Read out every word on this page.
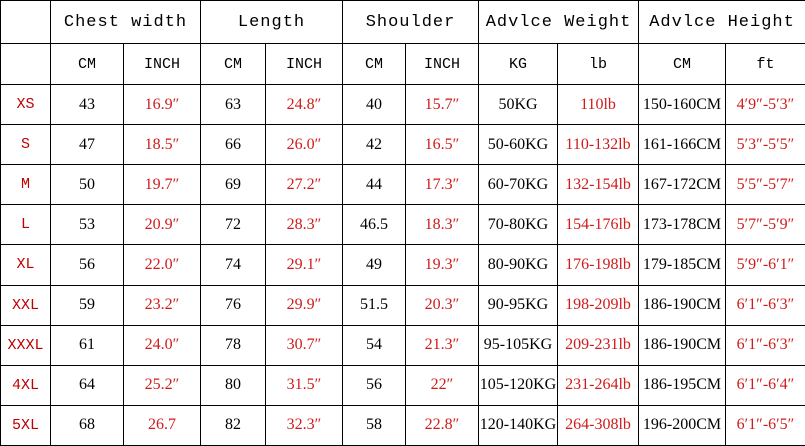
	Chest width		Length		Shoulder		Advlce Weight		Advlce Height	
	CM	INCH	CM	INCH	CM	INCH	KG	lb	CM	ft
XS	43	16.9″	63	24.8″	40	15.7″	50KG	110lb	150-160CM	4′9″-5′3″
S	47	18.5″	66	26.0″	42	16.5″	50-60KG	110-132lb	161-166CM	5′3″-5′5″
M	50	19.7″	69	27.2″	44	17.3″	60-70KG	132-154lb	167-172CM	5′5″-5′7″
L	53	20.9″	72	28.3″	46.5	18.3″	70-80KG	154-176lb	173-178CM	5′7″-5′9″
XL	56	22.0″	74	29.1″	49	19.3″	80-90KG	176-198lb	179-185CM	5′9″-6′1″
XXL	59	23.2″	76	29.9″	51.5	20.3″	90-95KG	198-209lb	186-190CM	6′1″-6′3″
XXXL	61	24.0″	78	30.7″	54	21.3″	95-105KG	209-231lb	186-190CM	6′1″-6′3″
4XL	64	25.2″	80	31.5″	56	22″	105-120KG	231-264lb	186-195CM	6′1″-6′4″
5XL	68	26.7	82	32.3″	58	22.8″	120-140KG	264-308lb	196-200CM	6′1″-6′5″
